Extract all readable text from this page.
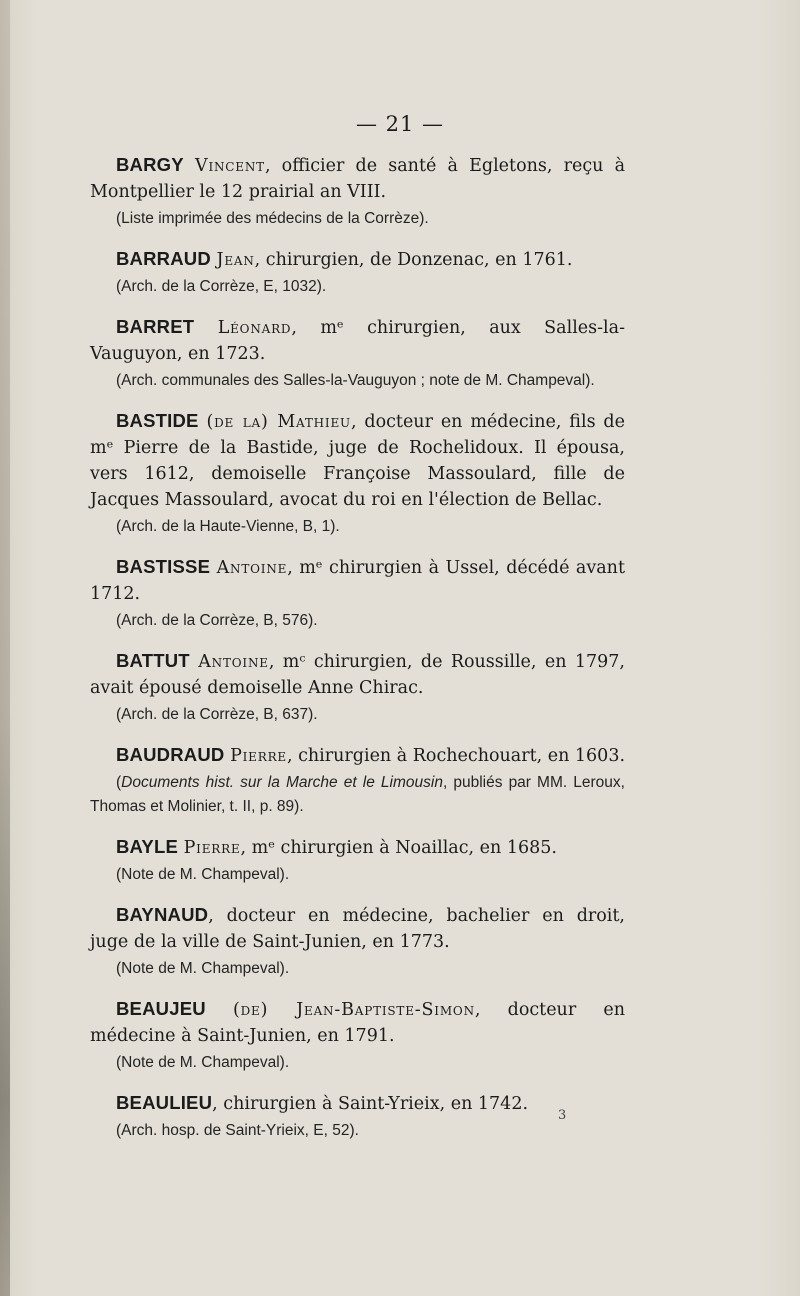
— 21 —

BARGY Vincent, officier de santé à Egletons, reçu à Montpellier le 12 prairial an VIII.

(Liste imprimée des médecins de la Corrèze).

BARRAUD Jean, chirurgien, de Donzenac, en 1761.

(Arch. de la Corrèze, E, 1032).

BARRET Léonard, mᵉ chirurgien, aux Salles-la-Vauguyon, en 1723.

(Arch. communales des Salles-la-Vauguyon ; note de M. Champeval).

BASTIDE (de la) Mathieu, docteur en médecine, fils de mᵉ Pierre de la Bastide, juge de Rochelidoux. Il épousa, vers 1612, demoiselle Françoise Massoulard, fille de Jacques Massoulard, avocat du roi en l'élection de Bellac.

(Arch. de la Haute-Vienne, B, 1).

BASTISSE Antoine, mᵉ chirurgien à Ussel, décédé avant 1712.

(Arch. de la Corrèze, B, 576).

BATTUT Antoine, mᶜ chirurgien, de Roussille, en 1797, avait épousé demoiselle Anne Chirac.

(Arch. de la Corrèze, B, 637).

BAUDRAUD Pierre, chirurgien à Rochechouart, en 1603.

(Documents hist. sur la Marche et le Limousin, publiés par MM. Leroux, Thomas et Molinier, t. II, p. 89).

BAYLE Pierre, mᵉ chirurgien à Noaillac, en 1685.

(Note de M. Champeval).

BAYNAUD, docteur en médecine, bachelier en droit, juge de la ville de Saint-Junien, en 1773.

(Note de M. Champeval).

BEAUJEU (de) Jean-Baptiste-Simon, docteur en médecine à Saint-Junien, en 1791.

(Note de M. Champeval).

BEAULIEU, chirurgien à Saint-Yrieix, en 1742.

(Arch. hosp. de Saint-Yrieix, E, 52).

3
